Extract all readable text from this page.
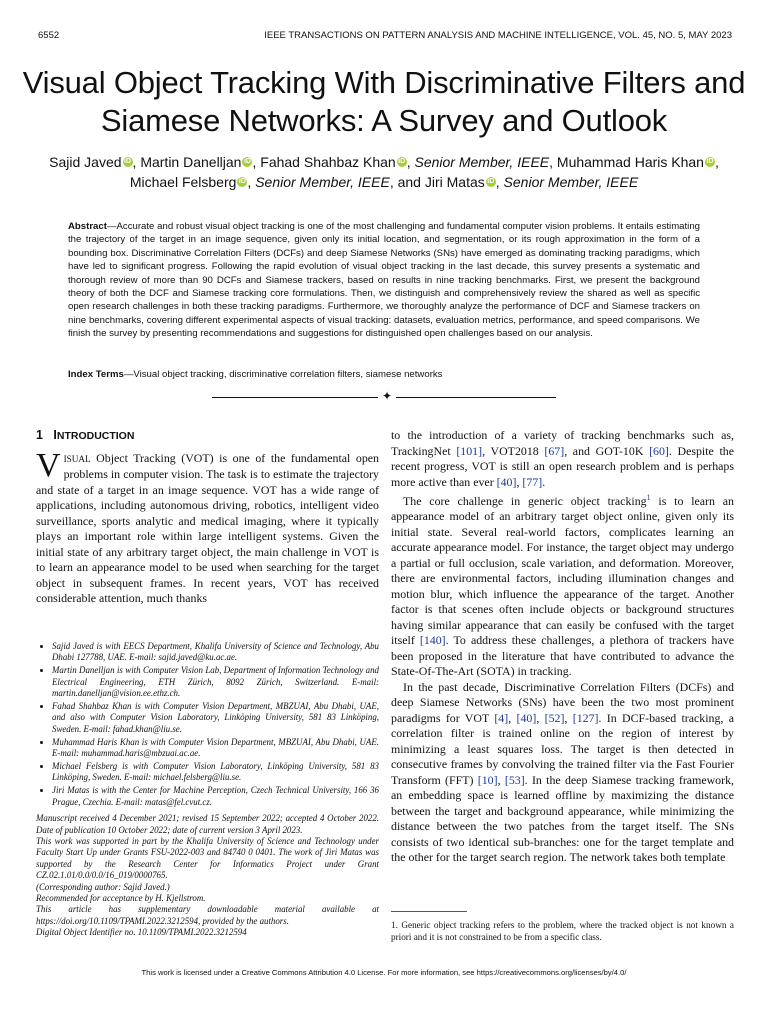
6552	IEEE TRANSACTIONS ON PATTERN ANALYSIS AND MACHINE INTELLIGENCE, VOL. 45, NO. 5, MAY 2023
Visual Object Tracking With Discriminative Filters and Siamese Networks: A Survey and Outlook
Sajid Javed iD , Martin Danelljan iD , Fahad Shahbaz Khan iD , Senior Member, IEEE, Muhammad Haris Khan iD ,
Michael Felsberg iD , Senior Member, IEEE, and Jiri Matas iD , Senior Member, IEEE
Abstract—Accurate and robust visual object tracking is one of the most challenging and fundamental computer vision problems. It entails estimating the trajectory of the target in an image sequence, given only its initial location, and segmentation, or its rough approximation in the form of a bounding box. Discriminative Correlation Filters (DCFs) and deep Siamese Networks (SNs) have emerged as dominating tracking paradigms, which have led to significant progress. Following the rapid evolution of visual object tracking in the last decade, this survey presents a systematic and thorough review of more than 90 DCFs and Siamese trackers, based on results in nine tracking benchmarks. First, we present the background theory of both the DCF and Siamese tracking core formulations. Then, we distinguish and comprehensively review the shared as well as specific open research challenges in both these tracking paradigms. Furthermore, we thoroughly analyze the performance of DCF and Siamese trackers on nine benchmarks, covering different experimental aspects of visual tracking: datasets, evaluation metrics, performance, and speed comparisons. We finish the survey by presenting recommendations and suggestions for distinguished open challenges based on our analysis.
Index Terms—Visual object tracking, discriminative correlation filters, siamese networks
✦
1 INTRODUCTION

VISUAL Object Tracking (VOT) is one of the fundamental open problems in computer vision. The task is to estimate the trajectory and state of a target in an image sequence. VOT has a wide range of applications, including autonomous driving, robotics, intelligent video surveillance, sports analytic and medical imaging, where it typically plays an important role within large intelligent systems. Given the initial state of any arbitrary target object, the main challenge in VOT is to learn an appearance model to be used when searching for the target object in subsequent frames. In recent years, VOT has received considerable attention, much thanks

• Sajid Javed is with EECS Department, Khalifa University of Science and Technology, Abu Dhabi 127788, UAE. E-mail: sajid.javed@ku.ac.ae.
• Martin Danelljan is with Computer Vision Lab, Department of Information Technology and Electrical Engineering, ETH Zürich, 8092 Zürich, Switzerland. E-mail: martin.danelljan@vision.ee.ethz.ch.
• Fahad Shahbaz Khan is with Computer Vision Department, MBZUAI, Abu Dhabi, UAE, and also with Computer Vision Laboratory, Linköping University, 581 83 Linköping, Sweden. E-mail: fahad.khan@liu.se.
• Muhammad Haris Khan is with Computer Vision Department, MBZUAI, Abu Dhabi, UAE. E-mail: muhammad.haris@mbzuai.ac.ae.
• Michael Felsberg is with Computer Vision Laboratory, Linköping University, 581 83 Linköping, Sweden. E-mail: michael.felsberg@liu.se.
• Jiri Matas is with the Center for Machine Perception, Czech Technical University, 166 36 Prague, Czechia. E-mail: matas@fel.cvut.cz.

Manuscript received 4 December 2021; revised 15 September 2022; accepted 4 October 2022. Date of publication 10 October 2022; date of current version 3 April 2023.

This work was supported in part by the Khalifa University of Science and Technology under Faculty Start Up under Grants FSU-2022-003 and 84740 0 0401. The work of Jiri Matas was supported by the Research Center for Informatics Project under Grant CZ.02.1.01/0.0/0.0/16_019/0000765.

(Corresponding author: Sajid Javed.)

Recommended for acceptance by H. Kjellstrom.

This article has supplementary downloadable material available at https://doi.org/10.1109/TPAMI.2022.3212594, provided by the authors.

Digital Object Identifier no. 10.1109/TPAMI.2022.3212594

to the introduction of a variety of tracking benchmarks such as, TrackingNet [101], VOT2018 [67], and GOT-10K [60]. Despite the recent progress, VOT is still an open research problem and is perhaps more active than ever [40], [77].

The core challenge in generic object tracking$^1$ is to learn an appearance model of an arbitrary target object online, given only its initial state. Several real-world factors, complicates learning an accurate appearance model. For instance, the target object may undergo a partial or full occlusion, scale variation, and deformation. Moreover, there are environmental factors, including illumination changes and motion blur, which influence the appearance of the target. Another factor is that scenes often include objects or background structures having similar appearance that can easily be confused with the target itself [140]. To address these challenges, a plethora of trackers have been proposed in the literature that have contributed to advance the State-Of-The-Art (SOTA) in tracking.

In the past decade, Discriminative Correlation Filters (DCFs) and deep Siamese Networks (SNs) have been the two most prominent paradigms for VOT [4], [40], [52], [127]. In DCF-based tracking, a correlation filter is trained online on the region of interest by minimizing a least squares loss. The target is then detected in consecutive frames by convolving the trained filter via the Fast Fourier Transform (FFT) [10], [53]. In the deep Siamese tracking framework, an embedding space is learned offline by maximizing the distance between the target and background appearance, while minimizing the distance between the two patches from the target itself. The SNs consists of two identical sub-branches: one for the target template and the other for the target search region. The network takes both template

1. Generic object tracking refers to the problem, where the tracked object is not known a priori and it is not constrained to be from a specific class.
This work is licensed under a Creative Commons Attribution 4.0 License. For more information, see https://creativecommons.org/licenses/by/4.0/
